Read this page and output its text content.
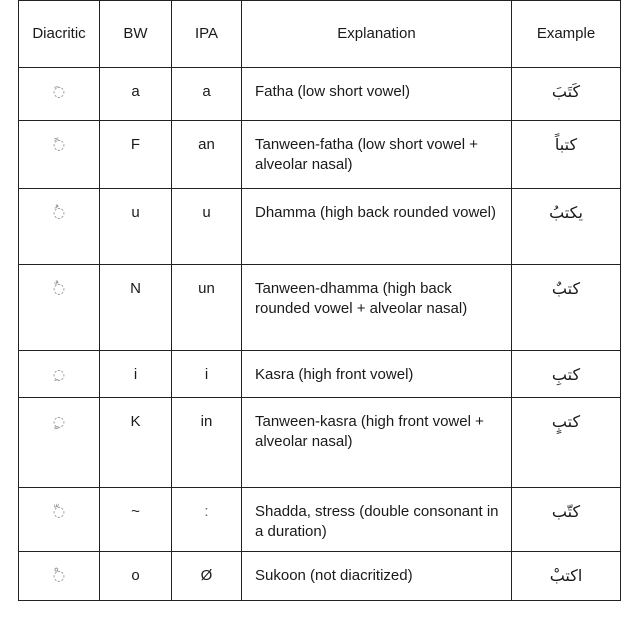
Diacritic	BW	IPA	Explanation	Example
◌َ	a	a	Fatha (low short vowel)	كَتَبَ
◌ً	F	an	Tanween-fatha (low short vowel + alveolar nasal)	كتباً
◌ُ	u	u	Dhamma (high back rounded vowel)	يكتبُ
◌ٌ	N	un	Tanween-dhamma (high back rounded vowel + alveolar nasal)	كتبٌ
◌ِ	i	i	Kasra (high front vowel)	كتبِ
◌ٍ	K	in	Tanween-kasra (high front vowel + alveolar nasal)	كتبٍ
◌ّ	~	:	Shadda, stress (double consonant in a duration)	كتّب
◌ْ	o	Ø	Sukoon (not diacritized)	اكتبْ
